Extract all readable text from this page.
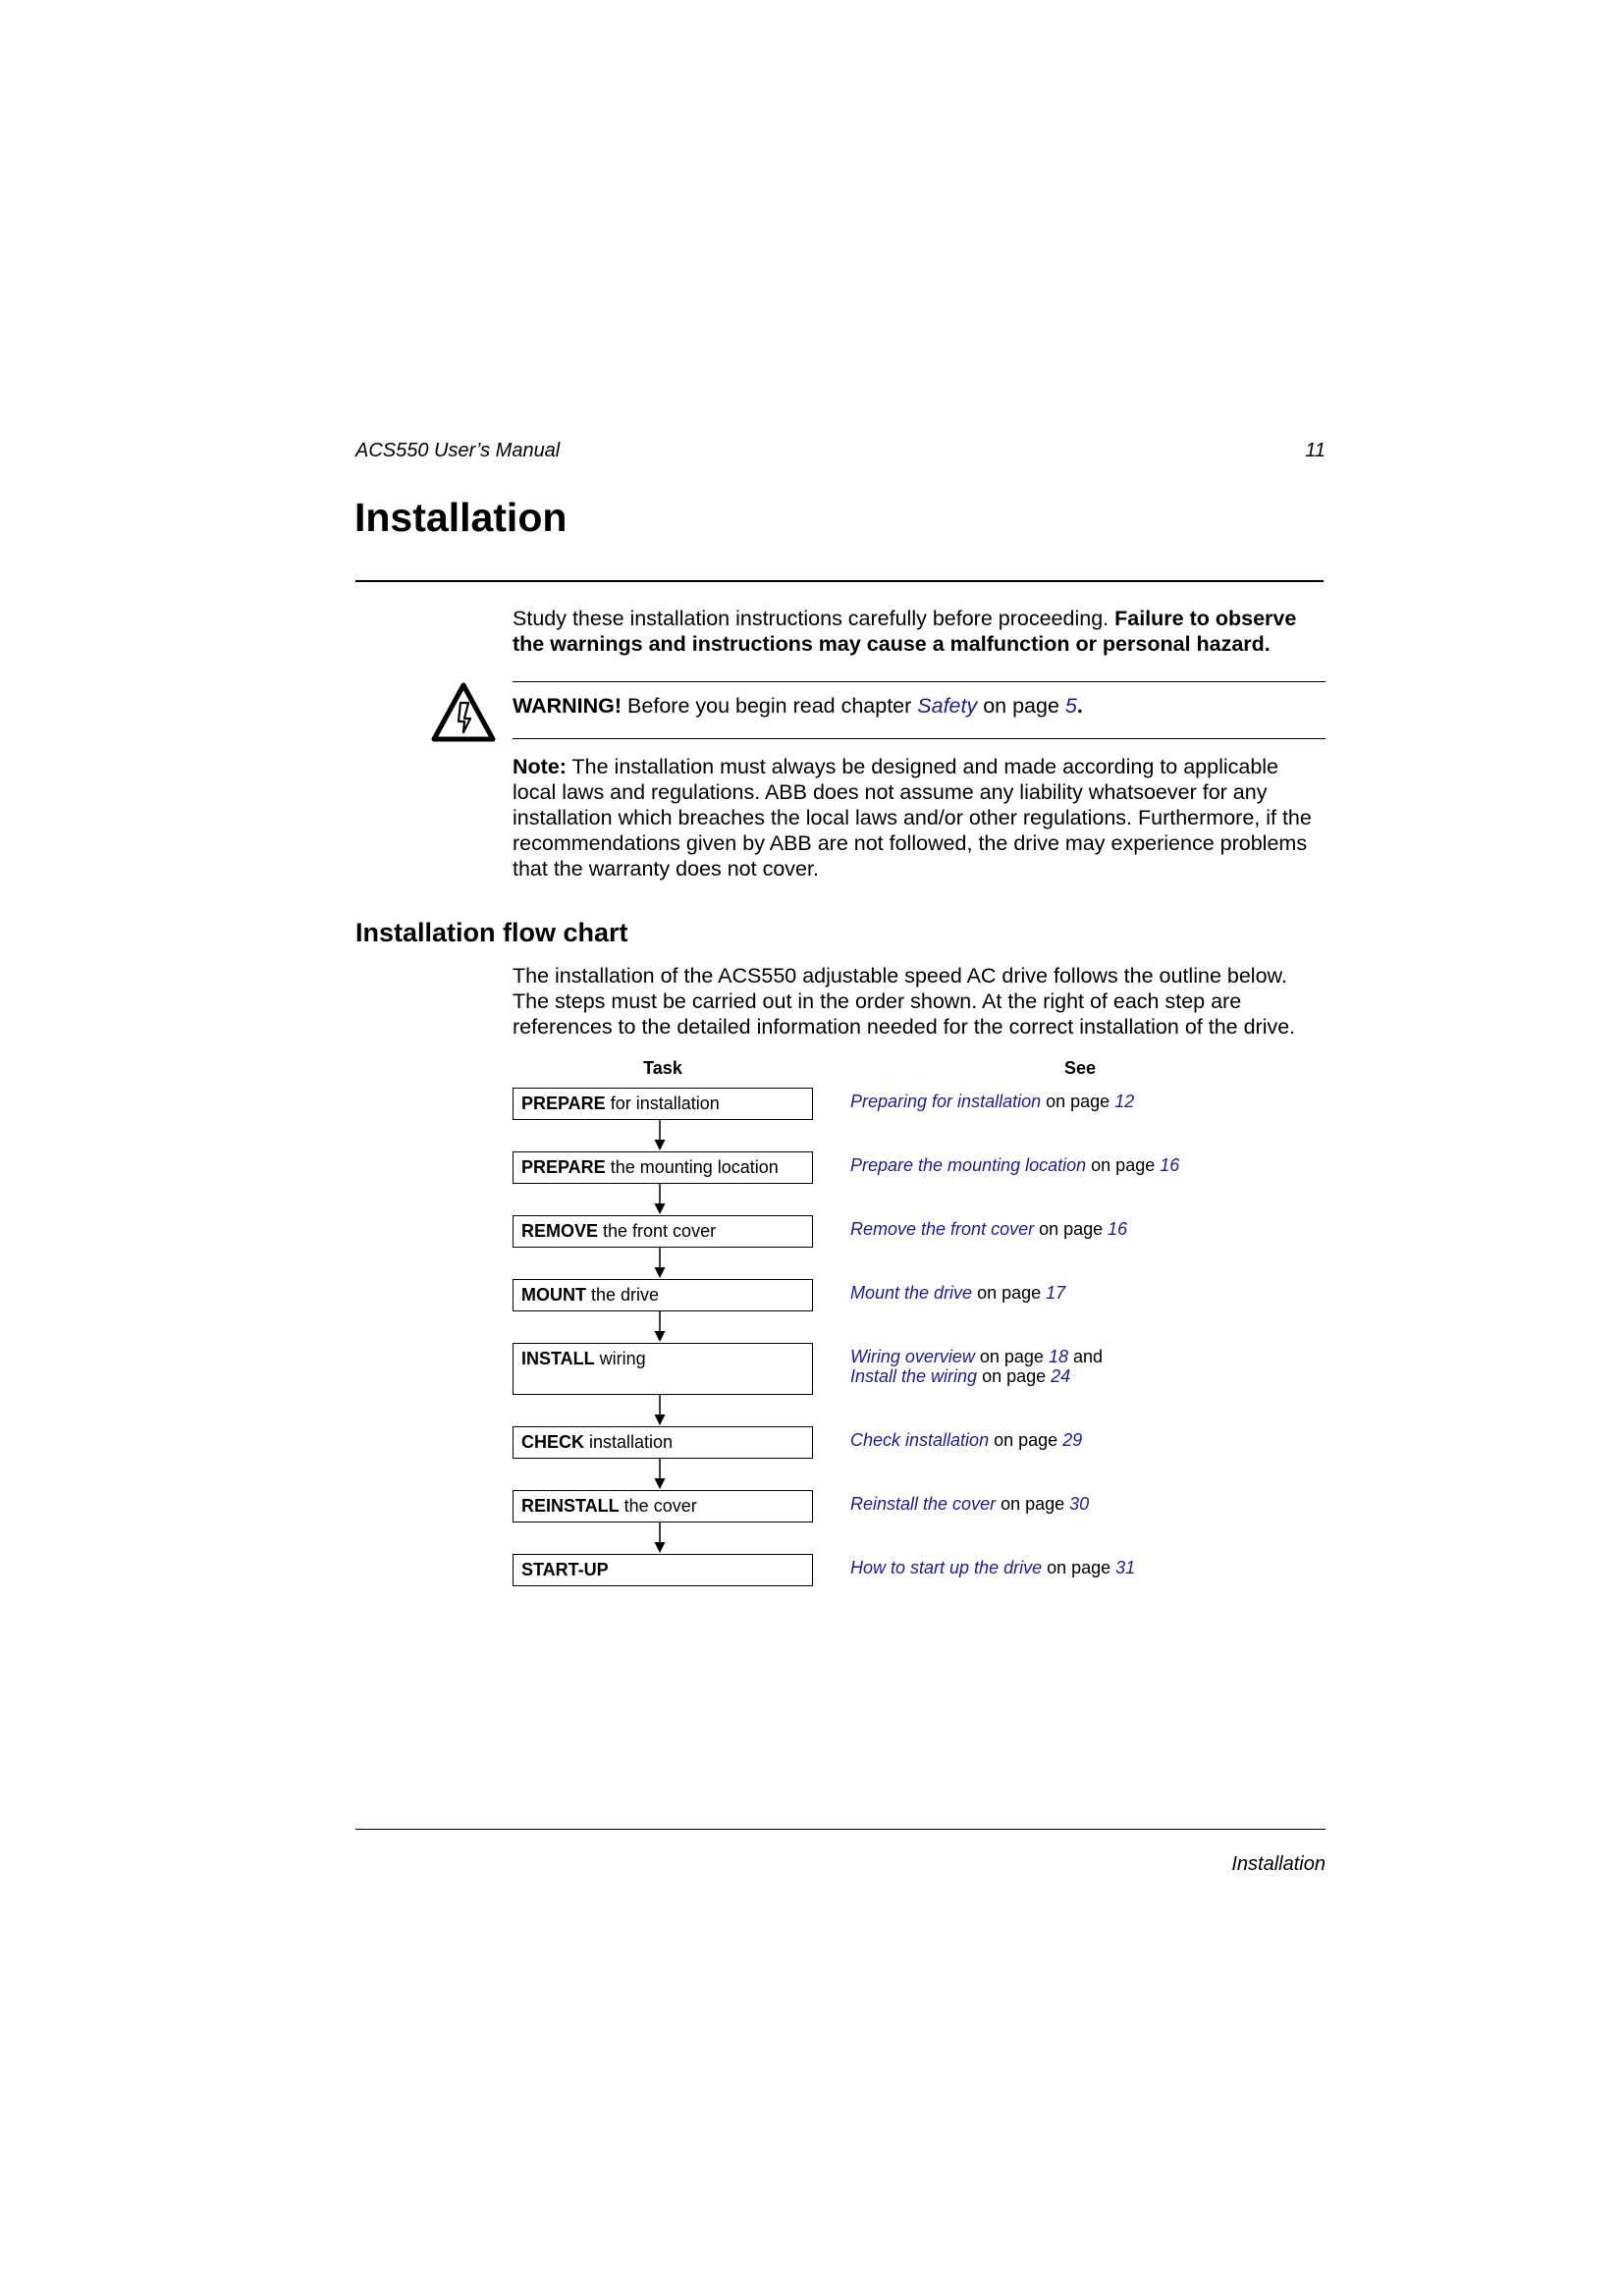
ACS550 User’s Manual	11
Installation
Study these installation instructions carefully before proceeding. Failure to observe the warnings and instructions may cause a malfunction or personal hazard.
WARNING! Before you begin read chapter Safety on page 5.
Note: The installation must always be designed and made according to applicable local laws and regulations. ABB does not assume any liability whatsoever for any installation which breaches the local laws and/or other regulations. Furthermore, if the recommendations given by ABB are not followed, the drive may experience problems that the warranty does not cover.
Installation flow chart
The installation of the ACS550 adjustable speed AC drive follows the outline below. The steps must be carried out in the order shown. At the right of each step are references to the detailed information needed for the correct installation of the drive.
Task	See
PREPARE for installation	Preparing for installation on page 12
PREPARE the mounting location	Prepare the mounting location on page 16
REMOVE the front cover	Remove the front cover on page 16
MOUNT the drive	Mount the drive on page 17
INSTALL wiring	Wiring overview on page 18 and
Install the wiring on page 24
CHECK installation	Check installation on page 29
REINSTALL the cover	Reinstall the cover on page 30
START-UP	How to start up the drive on page 31
Installation
